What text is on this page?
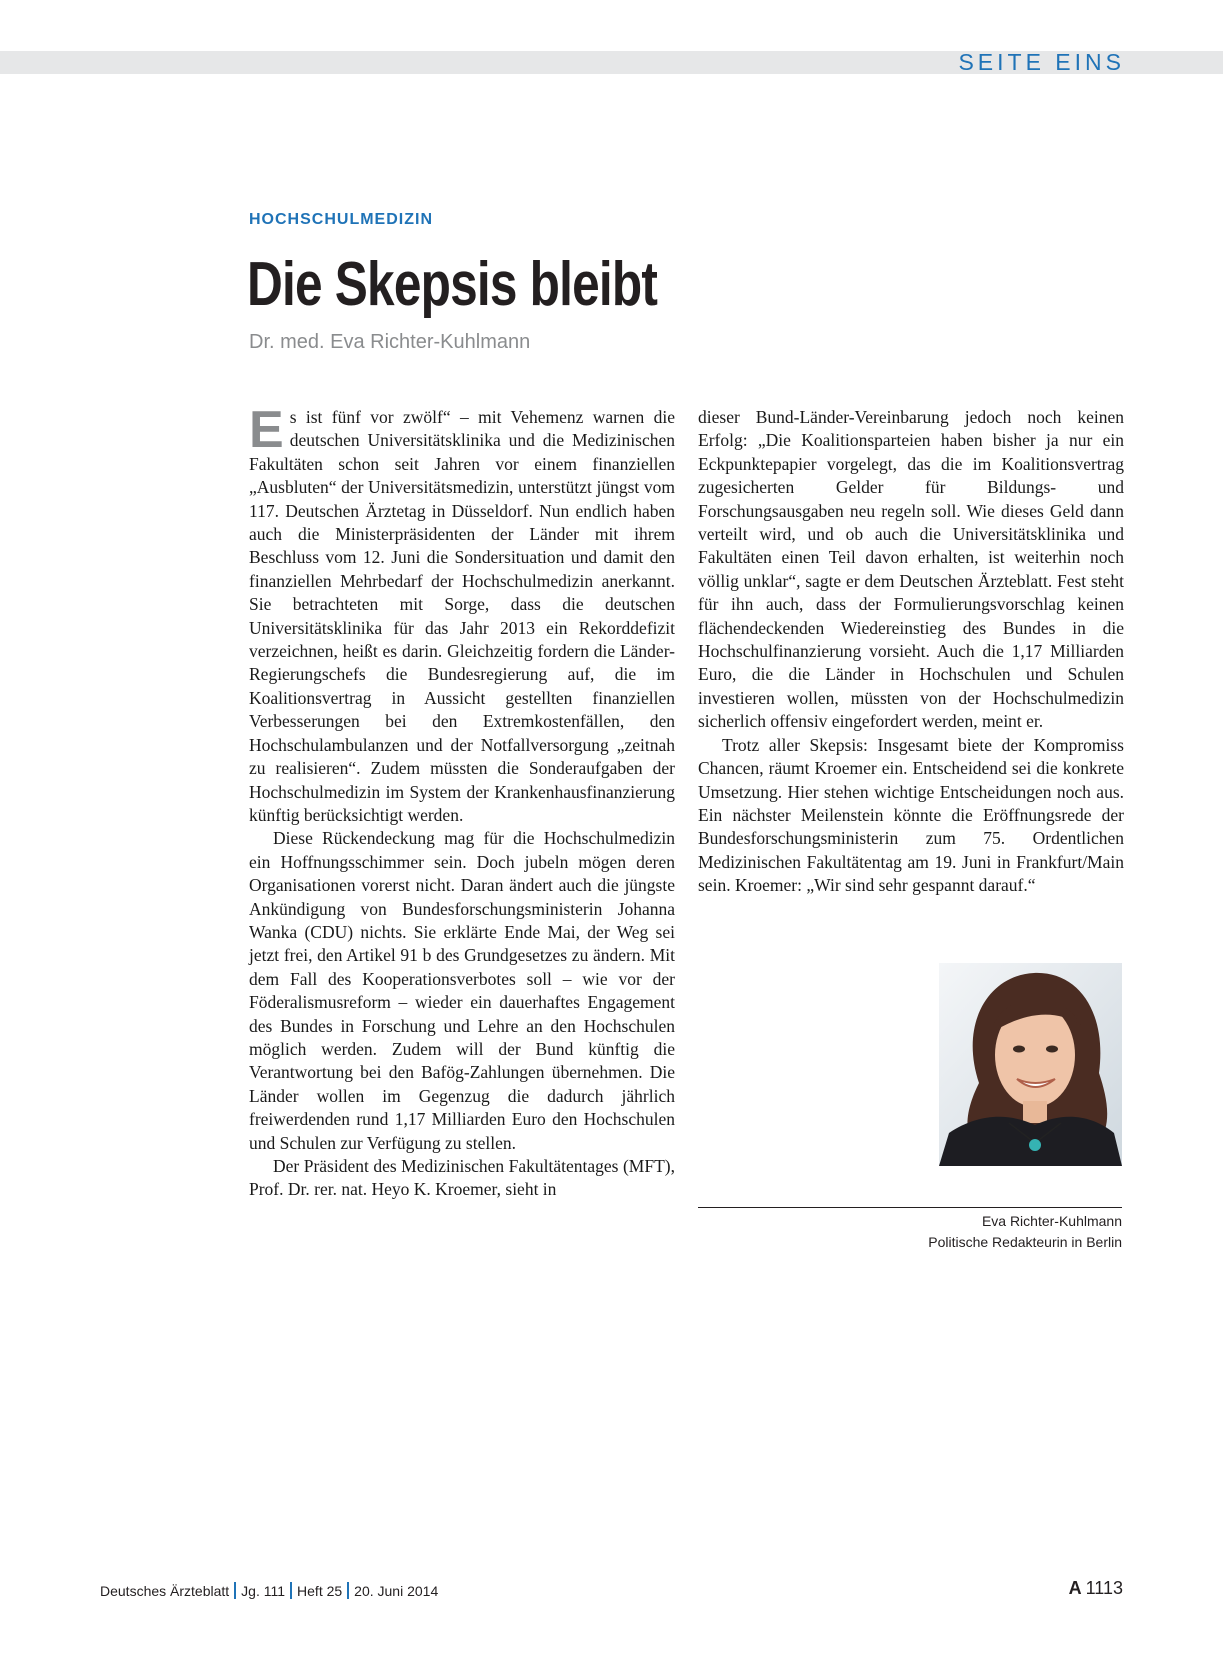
SEITE EINS
HOCHSCHULMEDIZIN
Die Skepsis bleibt
Dr. med. Eva Richter-Kuhlmann

Es ist fünf vor zwölf“ – mit Vehemenz warnen die deutschen Universitätsklinika und die Medizinischen Fakultäten schon seit Jahren vor einem finanziellen „Ausbluten“ der Universitätsmedizin, unterstützt jüngst vom 117. Deutschen Ärztetag in Düsseldorf. Nun endlich haben auch die Ministerpräsidenten der Länder mit ihrem Beschluss vom 12. Juni die Sondersituation und damit den finanziellen Mehrbedarf der Hochschulmedizin anerkannt. Sie betrachteten mit Sorge, dass die deutschen Universitätsklinika für das Jahr 2013 ein Rekorddefizit verzeichnen, heißt es darin. Gleichzeitig fordern die Länder-Regierungschefs die Bundesregierung auf, die im Koalitionsvertrag in Aussicht gestellten finanziellen Verbesserungen bei den Extremkostenfällen, den Hochschulambulanzen und der Notfallversorgung „zeitnah zu realisieren“. Zudem müssten die Sonderaufgaben der Hochschulmedizin im System der Krankenhausfinanzierung künftig berücksichtigt werden.

Diese Rückendeckung mag für die Hochschulmedizin ein Hoffnungsschimmer sein. Doch jubeln mögen deren Organisationen vorerst nicht. Daran ändert auch die jüngste Ankündigung von Bundesforschungsministerin Johanna Wanka (CDU) nichts. Sie erklärte Ende Mai, der Weg sei jetzt frei, den Artikel 91 b des Grundgesetzes zu ändern. Mit dem Fall des Kooperationsverbotes soll – wie vor der Föderalismusreform – wieder ein dauerhaftes Engagement des Bundes in Forschung und Lehre an den Hochschulen möglich werden. Zudem will der Bund künftig die Verantwortung bei den Bafög-Zahlungen übernehmen. Die Länder wollen im Gegenzug die dadurch jährlich freiwerdenden rund 1,17 Milliarden Euro den Hochschulen und Schulen zur Verfügung zu stellen.

Der Präsident des Medizinischen Fakultätentages (MFT), Prof. Dr. rer. nat. Heyo K. Kroemer, sieht in

dieser Bund-Länder-Vereinbarung jedoch noch keinen Erfolg: „Die Koalitionsparteien haben bisher ja nur ein Eckpunktepapier vorgelegt, das die im Koalitionsvertrag zugesicherten Gelder für Bildungs- und Forschungsausgaben neu regeln soll. Wie dieses Geld dann verteilt wird, und ob auch die Universitätsklinika und Fakultäten einen Teil davon erhalten, ist weiterhin noch völlig unklar“, sagte er dem Deutschen Ärzteblatt. Fest steht für ihn auch, dass der Formulierungsvorschlag keinen flächendeckenden Wiedereinstieg des Bundes in die Hochschulfinanzierung vorsieht. Auch die 1,17 Milliarden Euro, die die Länder in Hochschulen und Schulen investieren wollen, müssten von der Hochschulmedizin sicherlich offensiv eingefordert werden, meint er.

Trotz aller Skepsis: Insgesamt biete der Kompromiss Chancen, räumt Kroemer ein. Entscheidend sei die konkrete Umsetzung. Hier stehen wichtige Entscheidungen noch aus. Ein nächster Meilenstein könnte die Eröffnungsrede der Bundesforschungsministerin zum 75. Ordentlichen Medizinischen Fakultätentag am 19. Juni in Frankfurt/Main sein. Kroemer: „Wir sind sehr gespannt darauf.“

Eva Richter-Kuhlmann
Politische Redakteurin in Berlin
Deutsches Ärzteblatt Jg. 111 Heft 25 20. Juni 2014	A 1113
